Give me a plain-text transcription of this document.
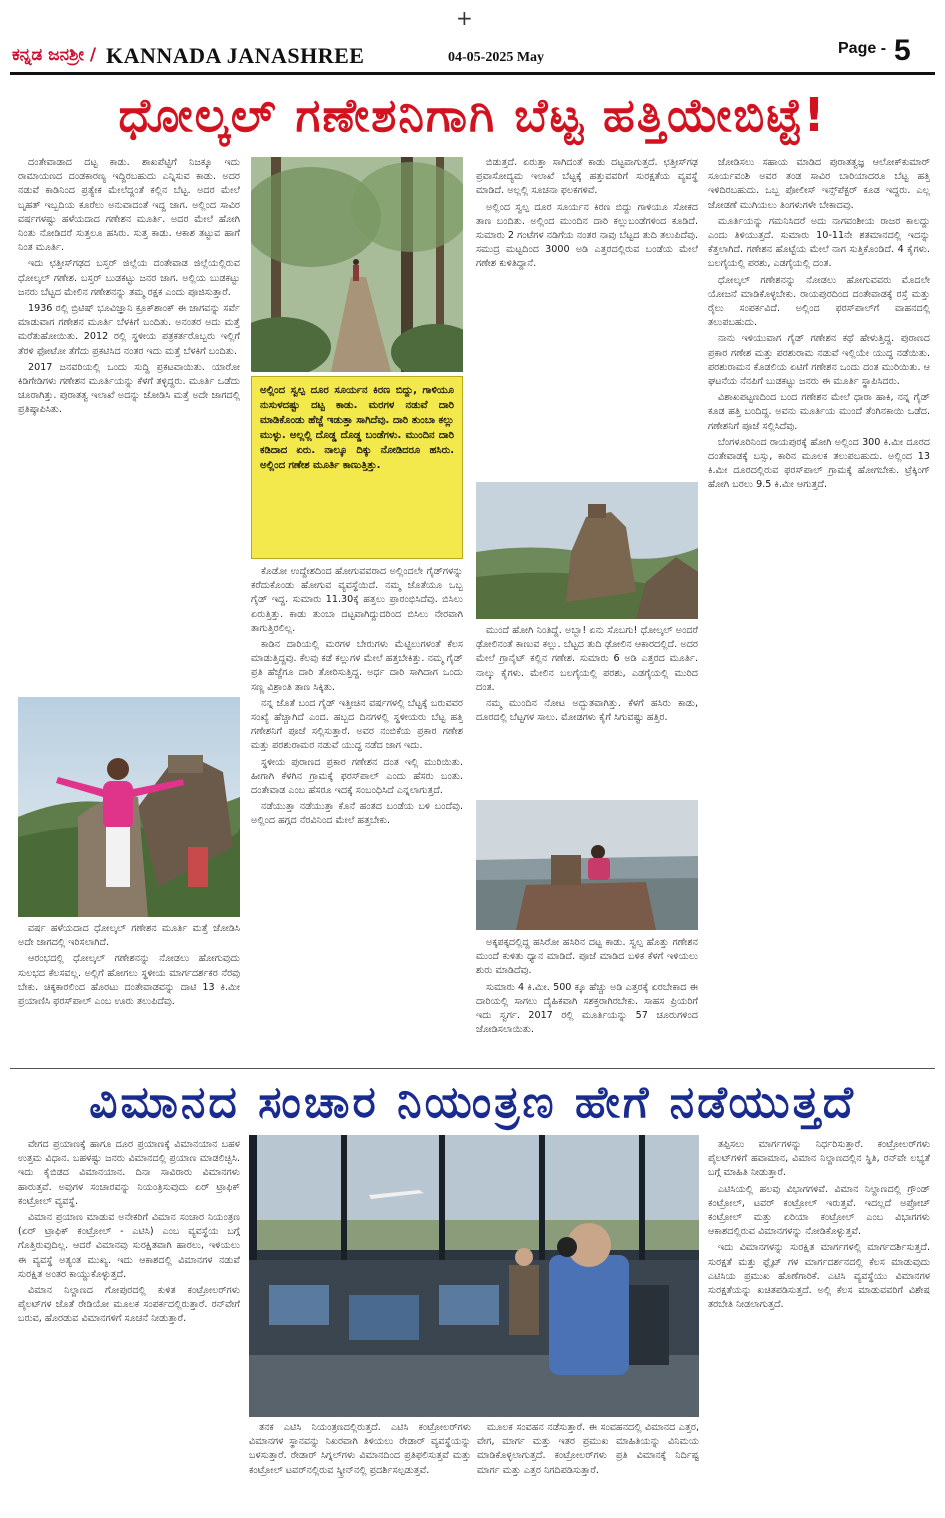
+
ಕನ್ನಡ ಜನಶ್ರೀ / KANNADA JANASHREE	04-05-2025 May
Page - 5
ಧೋಲ್ಕಲ್ ಗಣೇಶನಿಗಾಗಿ ಬೆಟ್ಟ ಹತ್ತಿಯೇಬಿಟ್ಟೆ!

ದಂತೇವಾಡಾದ ದಟ್ಟ ಕಾಡು. ಶಾಖಪೆಟ್ಟಿಗೆ ನಿಜಕ್ಕೂ ಇದು ರಾಮಾಯಣದ ದಂಡಕಾರಣ್ಯ ಇದ್ದಿರಬಹುದು ಎನ್ನಿಸುವ ಕಾಡು. ಅದರ ನಡುವೆ ಕಾಡಿನಿಂದ ಪ್ರತ್ಯೇಕ ಮೇಲೆದ್ದಂತೆ ಕಲ್ಲಿನ ಬೆಟ್ಟ. ಅದರ ಮೇಲೆ ಬೃಹತ್ ಇಬ್ಬದಿಯ ಕೂರೆಲು ಅನುವಾದಂತೆ ಇದ್ದ ಜಾಗ. ಅಲ್ಲಿಂದ ಸಾವಿರ ವರ್ಷಗಳಷ್ಟು ಹಳೆಯದಾದ ಗಣೇಶನ ಮೂರ್ತಿ. ಅದರ ಮೇಲೆ ಹೋಗಿ ನಿಂತು ನೋಡಿದರೆ ಸುತ್ತಲೂ ಹಸಿರು. ಸುತ್ತ ಕಾಡು. ಆಕಾಶ ತಟ್ಟುವ ಹಾಗೆ ನಿಂತ ಮೂರ್ತಿ.

ಇದು ಛತ್ತೀಸ್‌ಗಢದ ಬಸ್ತರ್ ಜಿಲ್ಲೆಯ ದಂತೇವಾಡ ಜಿಲ್ಲೆಯಲ್ಲಿರುವ ಧೋಲ್ಕಲ್ ಗಣೇಶ. ಬಸ್ತರ್ ಬುಡಕಟ್ಟು ಜನರ ಜಾಗ. ಅಲ್ಲಿಯ ಬುಡಕಟ್ಟು ಜನರು ಬೆಟ್ಟದ ಮೇಲಿನ ಗಣೇಶನನ್ನು ತಮ್ಮ ರಕ್ಷಕ ಎಂದು ಪೂಜಿಸುತ್ತಾರೆ.

1936 ರಲ್ಲಿ ಬ್ರಿಟಿಷ್ ಭೂವಿಜ್ಞಾನಿ ಕ್ರೂಕ್‌ಶಾಂಕ್ ಈ ಜಾಗವನ್ನು ಸರ್ವೆ ಮಾಡುವಾಗ ಗಣೇಶನ ಮೂರ್ತಿ ಬೆಳಕಿಗೆ ಬಂದಿತು. ಅನಂತರ ಅದು ಮತ್ತೆ ಮರೆತುಹೋಯಿತು. 2012 ರಲ್ಲಿ ಸ್ಥಳೀಯ ಪತ್ರಕರ್ತರೊಬ್ಬರು ಇಲ್ಲಿಗೆ ತೆರಳಿ ಫೋಟೋ ತೆಗೆದು ಪ್ರಕಟಿಸಿದ ನಂತರ ಇದು ಮತ್ತೆ ಬೆಳಕಿಗೆ ಬಂದಿತು.

2017 ಜನವರಿಯಲ್ಲಿ ಒಂದು ಸುದ್ದಿ ಪ್ರಕಟವಾಯಿತು. ಯಾರೋ ಕಿಡಿಗೇಡಿಗಳು ಗಣೇಶನ ಮೂರ್ತಿಯನ್ನು ಕೆಳಗೆ ತಳ್ಳಿದ್ದರು. ಮೂರ್ತಿ ಒಡೆದು ಚೂರಾಗಿತ್ತು. ಪುರಾತತ್ವ ಇಲಾಖೆ ಅದನ್ನು ಜೋಡಿಸಿ ಮತ್ತೆ ಅದೇ ಜಾಗದಲ್ಲಿ ಪ್ರತಿಷ್ಠಾಪಿಸಿತು.

ವರ್ಷ ಹಳೆಯದಾದ ಧೋಲ್ಕಲ್ ಗಣೇಶನ ಮೂರ್ತಿ ಮತ್ತೆ ಜೋಡಿಸಿ ಅದೇ ಜಾಗದಲ್ಲಿ ಇರಿಸಲಾಗಿದೆ.

ಆರಂಭದಲ್ಲಿ ಧೋಲ್ಕಲ್ ಗಣೇಶನನ್ನು ನೋಡಲು ಹೋಗುವುದು ಸುಲಭದ ಕೆಲಸವಲ್ಲ. ಅಲ್ಲಿಗೆ ಹೋಗಲು ಸ್ಥಳೀಯ ಮಾರ್ಗದರ್ಶಕರ ನೆರವು ಬೇಕು. ಚಿಕ್ಕಕಾರಲಿಂದ ಹೊರಟು ದಂತೇವಾಡವನ್ನು ದಾಟಿ 13 ಕಿ.ಮೀ ಪ್ರಯಾಣಿಸಿ ಫರಸ್‌ಪಾಲ್ ಎಂಬ ಊರು ತಲುಪಿದೆವು.

ಅಲ್ಲಿಂದ ಸ್ವಲ್ಪ ದೂರ ಸೂರ್ಯನ ಕಿರಣ ಬಿದ್ದು, ಗಾಳಿಯೂ ನುಸುಳದಷ್ಟು ದಟ್ಟ ಕಾಡು. ಮರಗಳ ನಡುವೆ ದಾರಿ ಮಾಡಿಕೊಂಡು ಹೆಜ್ಜೆ ಇಡುತ್ತಾ ಸಾಗಿದೆವು. ದಾರಿ ತುಂಬಾ ಕಲ್ಲು ಮುಳ್ಳು. ಅಲ್ಲಲ್ಲಿ ದೊಡ್ಡ ದೊಡ್ಡ ಬಂಡೆಗಳು. ಮುಂದಿನ ದಾರಿ ಕಡಿದಾದ ಏರು. ನಾಲ್ಕೂ ದಿಕ್ಕು ನೋಡಿದರೂ ಹಸಿರು. ಅಲ್ಲಿಂದ ಗಣೇಶ ಮೂರ್ತಿ ಕಾಣುತ್ತಿತ್ತು.

ಕೊಡೋ ಉದ್ದೇಶದಿಂದ ಹೋಗುವವರಾದ ಅಲ್ಲಿಂದಲೇ ಗೈಡ್‌ಗಳನ್ನು ಕರೆದುಕೊಂಡು ಹೋಗುವ ವ್ಯವಸ್ಥೆಯಿದೆ. ನಮ್ಮ ಜೊತೆಯೂ ಒಬ್ಬ ಗೈಡ್ ಇದ್ದ. ಸುಮಾರು 11.30ಕ್ಕೆ ಹತ್ತಲು ಪ್ರಾರಂಭಿಸಿದೆವು. ಬಿಸಿಲು ಏರುತ್ತಿತ್ತು. ಕಾಡು ತುಂಬಾ ದಟ್ಟವಾಗಿದ್ದುದರಿಂದ ಬಿಸಿಲು ನೇರವಾಗಿ ತಾಗುತ್ತಿರಲಿಲ್ಲ.

ಕಾಡಿನ ದಾರಿಯಲ್ಲಿ ಮರಗಳ ಬೇರುಗಳು ಮೆಟ್ಟಿಲುಗಳಂತೆ ಕೆಲಸ ಮಾಡುತ್ತಿದ್ದವು. ಕೆಲವು ಕಡೆ ಕಲ್ಲುಗಳ ಮೇಲೆ ಹತ್ತಬೇಕಿತ್ತು. ನಮ್ಮ ಗೈಡ್ ಪ್ರತಿ ಹೆಜ್ಜೆಗೂ ದಾರಿ ತೋರಿಸುತ್ತಿದ್ದ. ಅರ್ಧ ದಾರಿ ಸಾಗಿದಾಗ ಒಂದು ಸಣ್ಣ ವಿಶ್ರಾಂತಿ ತಾಣ ಸಿಕ್ಕಿತು.

ನನ್ನ ಜೊತೆ ಬಂದ ಗೈಡ್ ಇತ್ತೀಚಿನ ವರ್ಷಗಳಲ್ಲಿ ಬೆಟ್ಟಕ್ಕೆ ಬರುವವರ ಸಂಖ್ಯೆ ಹೆಚ್ಚಾಗಿದೆ ಎಂದ. ಹಬ್ಬದ ದಿನಗಳಲ್ಲಿ ಸ್ಥಳೀಯರು ಬೆಟ್ಟ ಹತ್ತಿ ಗಣೇಶನಿಗೆ ಪೂಜೆ ಸಲ್ಲಿಸುತ್ತಾರೆ. ಅವರ ನಂಬಿಕೆಯ ಪ್ರಕಾರ ಗಣೇಶ ಮತ್ತು ಪರಶುರಾಮರ ನಡುವೆ ಯುದ್ಧ ನಡೆದ ಜಾಗ ಇದು.

ಸ್ಥಳೀಯ ಪುರಾಣದ ಪ್ರಕಾರ ಗಣೇಶನ ದಂತ ಇಲ್ಲಿ ಮುರಿಯಿತು. ಹೀಗಾಗಿ ಕೆಳಗಿನ ಗ್ರಾಮಕ್ಕೆ ಫರಸ್‌ಪಾಲ್ ಎಂದು ಹೆಸರು ಬಂತು. ದಂತೇವಾಡ ಎಂಬ ಹೆಸರೂ ಇದಕ್ಕೆ ಸಂಬಂಧಿಸಿದೆ ಎನ್ನಲಾಗುತ್ತದೆ.

ನಡೆಯುತ್ತಾ ನಡೆಯುತ್ತಾ ಕೊನೆ ಹಂತದ ಬಂಡೆಯ ಬಳಿ ಬಂದೆವು. ಅಲ್ಲಿಂದ ಹಗ್ಗದ ನೆರವಿನಿಂದ ಮೇಲೆ ಹತ್ತಬೇಕು.

ಬಿಡುತ್ತದೆ. ಏರುತ್ತಾ ಸಾಗಿದಂತೆ ಕಾಡು ದಟ್ಟವಾಗುತ್ತದೆ. ಛತ್ತೀಸ್‌ಗಢ ಪ್ರವಾಸೋದ್ಯಮ ಇಲಾಖೆ ಬೆಟ್ಟಕ್ಕೆ ಹತ್ತುವವರಿಗೆ ಸುರಕ್ಷತೆಯ ವ್ಯವಸ್ಥೆ ಮಾಡಿದೆ. ಅಲ್ಲಲ್ಲಿ ಸೂಚನಾ ಫಲಕಗಳಿವೆ.

ಅಲ್ಲಿಂದ ಸ್ವಲ್ಪ ದೂರ ಸೂರ್ಯನ ಕಿರಣ ಬಿದ್ದು ಗಾಳಿಯೂ ಸೋಕದ ತಾಣ ಬಂದಿತು. ಅಲ್ಲಿಂದ ಮುಂದಿನ ದಾರಿ ಕಲ್ಲುಬಂಡೆಗಳಿಂದ ಕೂಡಿದೆ. ಸುಮಾರು 2 ಗಂಟೆಗಳ ನಡಿಗೆಯ ನಂತರ ನಾವು ಬೆಟ್ಟದ ತುದಿ ತಲುಪಿದೆವು. ಸಮುದ್ರ ಮಟ್ಟದಿಂದ 3000 ಅಡಿ ಎತ್ತರದಲ್ಲಿರುವ ಬಂಡೆಯ ಮೇಲೆ ಗಣೇಶ ಕುಳಿತಿದ್ದಾನೆ.

ಮುಂದೆ ಹೋಗಿ ನಿಂತಿದ್ದೆ. ಅಬ್ಬಾ! ಏನು ಸೊಬಗು! ಧೋಲ್ಕಲ್ ಅಂದರೆ ಢೋಲಿನಂತೆ ಕಾಣುವ ಕಲ್ಲು. ಬೆಟ್ಟದ ತುದಿ ಢೋಲಿನ ಆಕಾರದಲ್ಲಿದೆ. ಅದರ ಮೇಲೆ ಗ್ರಾನೈಟ್ ಕಲ್ಲಿನ ಗಣೇಶ. ಸುಮಾರು 6 ಅಡಿ ಎತ್ತರದ ಮೂರ್ತಿ. ನಾಲ್ಕು ಕೈಗಳು. ಮೇಲಿನ ಬಲಗೈಯಲ್ಲಿ ಪರಶು, ಎಡಗೈಯಲ್ಲಿ ಮುರಿದ ದಂತ.

ನಮ್ಮ ಮುಂದಿನ ನೋಟ ಅದ್ಭುತವಾಗಿತ್ತು. ಕೆಳಗೆ ಹಸಿರು ಕಾಡು, ದೂರದಲ್ಲಿ ಬೆಟ್ಟಗಳ ಸಾಲು. ಮೋಡಗಳು ಕೈಗೆ ಸಿಗುವಷ್ಟು ಹತ್ತಿರ.

ಅಕ್ಕಪಕ್ಕದಲ್ಲಿದ್ದ ಹಸಿರೋ ಹಸಿರಿನ ದಟ್ಟ ಕಾಡು. ಸ್ವಲ್ಪ ಹೊತ್ತು ಗಣೇಶನ ಮುಂದೆ ಕುಳಿತು ಧ್ಯಾನ ಮಾಡಿದೆ. ಪೂಜೆ ಮಾಡಿದ ಬಳಿಕ ಕೆಳಗೆ ಇಳಿಯಲು ಶುರು ಮಾಡಿದೆವು.

ಸುಮಾರು 4 ಕಿ.ಮೀ. 500 ಕ್ಕೂ ಹೆಚ್ಚು ಅಡಿ ಎತ್ತರಕ್ಕೆ ಏರಬೇಕಾದ ಈ ದಾರಿಯಲ್ಲಿ ಸಾಗಲು ದೈಹಿಕವಾಗಿ ಸಶಕ್ತರಾಗಿರಬೇಕು. ಸಾಹಸ ಪ್ರಿಯರಿಗೆ ಇದು ಸ್ವರ್ಗ. 2017 ರಲ್ಲಿ ಮೂರ್ತಿಯನ್ನು 57 ಚೂರುಗಳಿಂದ ಜೋಡಿಸಲಾಯಿತು.

ಜೋಡಿಸಲು ಸಹಾಯ ಮಾಡಿದ ಪುರಾತತ್ವಜ್ಞ ಆಲೋಕ್‌ಕುಮಾರ್ ಸೂರ್ಯವಂಶಿ ಅವರ ತಂಡ ಸಾವಿರ ಬಾರಿಯಾದರೂ ಬೆಟ್ಟ ಹತ್ತಿ ಇಳಿದಿರಬಹುದು. ಒಬ್ಬ ಪೋಲೀಸ್ ಇನ್ಸ್‌ಪೆಕ್ಟರ್ ಕೂಡ ಇದ್ದರು. ಎಲ್ಲ ಜೋಡಣೆ ಮುಗಿಯಲು ತಿಂಗಳುಗಳೇ ಬೇಕಾದವು.

ಮೂರ್ತಿಯನ್ನು ಗಮನಿಸಿದರೆ ಅದು ನಾಗವಂಶೀಯ ರಾಜರ ಕಾಲದ್ದು ಎಂದು ತಿಳಿಯುತ್ತದೆ. ಸುಮಾರು 10-11ನೇ ಶತಮಾನದಲ್ಲಿ ಇದನ್ನು ಕೆತ್ತಲಾಗಿದೆ. ಗಣೇಶನ ಹೊಟ್ಟೆಯ ಮೇಲೆ ನಾಗ ಸುತ್ತಿಕೊಂಡಿದೆ. 4 ಕೈಗಳು. ಬಲಗೈಯಲ್ಲಿ ಪರಶು, ಎಡಗೈಯಲ್ಲಿ ದಂತ.

ಧೋಲ್ಕಲ್ ಗಣೇಶನನ್ನು ನೋಡಲು ಹೋಗುವವರು ಮೊದಲೇ ಯೋಜನೆ ಮಾಡಿಕೊಳ್ಳಬೇಕು. ರಾಯಪುರದಿಂದ ದಂತೇವಾಡಕ್ಕೆ ರಸ್ತೆ ಮತ್ತು ರೈಲು ಸಂಪರ್ಕವಿದೆ. ಅಲ್ಲಿಂದ ಫರಸ್‌ಪಾಲ್‌ಗೆ ವಾಹನದಲ್ಲಿ ತಲುಪಬಹುದು.

ನಾನು ಇಳಿಯುವಾಗ ಗೈಡ್ ಗಣೇಶನ ಕಥೆ ಹೇಳುತ್ತಿದ್ದ. ಪುರಾಣದ ಪ್ರಕಾರ ಗಣೇಶ ಮತ್ತು ಪರಶುರಾಮ ನಡುವೆ ಇಲ್ಲಿಯೇ ಯುದ್ಧ ನಡೆಯಿತು. ಪರಶುರಾಮನ ಕೊಡಲಿಯ ಏಟಿಗೆ ಗಣೇಶನ ಒಂದು ದಂತ ಮುರಿಯಿತು. ಆ ಘಟನೆಯ ನೆನಪಿಗೆ ಬುಡಕಟ್ಟು ಜನರು ಈ ಮೂರ್ತಿ ಸ್ಥಾಪಿಸಿದರು.

ವಿಶಾಖಪಟ್ಟಣದಿಂದ ಬಂದ ಗಣೇಶನ ಮೇಲೆ ಧಾರಾ ಹಾಕಿ, ನನ್ನ ಗೈಡ್ ಕೂಡ ಹತ್ತಿ ಬಂದಿದ್ದ. ಅವನು ಮೂರ್ತಿಯ ಮುಂದೆ ತೆಂಗಿನಕಾಯಿ ಒಡೆದ. ಗಣೇಶನಿಗೆ ಪೂಜೆ ಸಲ್ಲಿಸಿದೆವು.

ಬೆಂಗಳೂರಿನಿಂದ ರಾಯಪುರಕ್ಕೆ ಹೋಗಿ ಅಲ್ಲಿಂದ 300 ಕಿ.ಮೀ ದೂರದ ದಂತೇವಾಡಕ್ಕೆ ಬಸ್ಸು, ಕಾರಿನ ಮೂಲಕ ತಲುಪಬಹುದು. ಅಲ್ಲಿಂದ 13 ಕಿ.ಮೀ ದೂರದಲ್ಲಿರುವ ಫರಸ್‌ಪಾಲ್ ಗ್ರಾಮಕ್ಕೆ ಹೋಗಬೇಕು. ಟ್ರೆಕ್ಕಿಂಗ್ ಹೋಗಿ ಬರಲು 9.5 ಕಿ.ಮೀ ಆಗುತ್ತದೆ.

ವಿಮಾನದ ಸಂಚಾರ ನಿಯಂತ್ರಣ ಹೇಗೆ ನಡೆಯುತ್ತದೆ

ವೇಗದ ಪ್ರಯಾಣಕ್ಕೆ ಹಾಗೂ ದೂರ ಪ್ರಯಾಣಕ್ಕೆ ವಿಮಾನಯಾನ ಬಹಳ ಉತ್ತಮ ವಿಧಾನ. ಬಹಳಷ್ಟು ಜನರು ವಿಮಾನದಲ್ಲಿ ಪ್ರಯಾಣ ಮಾಡಲಿಚ್ಛಿಸಿ. ಇದು ಕೈಬಿಡದ ವಿಮಾನಯಾನ. ದಿನಾ ಸಾವಿರಾರು ವಿಮಾನಗಳು ಹಾರುತ್ತವೆ. ಅವುಗಳ ಸಂಚಾರವನ್ನು ನಿಯಂತ್ರಿಸುವುದು ಏರ್ ಟ್ರಾಫಿಕ್ ಕಂಟ್ರೋಲ್ ವ್ಯವಸ್ಥೆ.

ವಿಮಾನ ಪ್ರಯಾಣ ಮಾಡುವ ಅನೇಕರಿಗೆ ವಿಮಾನ ಸಂಚಾರ ನಿಯಂತ್ರಣ (ಏರ್ ಟ್ರಾಫಿಕ್ ಕಂಟ್ರೋಲ್ - ಎಟಿಸಿ) ಎಂಬ ವ್ಯವಸ್ಥೆಯ ಬಗ್ಗೆ ಗೊತ್ತಿರುವುದಿಲ್ಲ. ಆದರೆ ವಿಮಾನವು ಸುರಕ್ಷಿತವಾಗಿ ಹಾರಲು, ಇಳಿಯಲು ಈ ವ್ಯವಸ್ಥೆ ಅತ್ಯಂತ ಮುಖ್ಯ. ಇದು ಆಕಾಶದಲ್ಲಿ ವಿಮಾನಗಳ ನಡುವೆ ಸುರಕ್ಷಿತ ಅಂತರ ಕಾಯ್ದುಕೊಳ್ಳುತ್ತದೆ.

ವಿಮಾನ ನಿಲ್ದಾಣದ ಗೋಪುರದಲ್ಲಿ ಕುಳಿತ ಕಂಟ್ರೋಲರ್‌ಗಳು ಪೈಲಟ್‌ಗಳ ಜೊತೆ ರೇಡಿಯೋ ಮೂಲಕ ಸಂಪರ್ಕದಲ್ಲಿರುತ್ತಾರೆ. ರನ್‌ವೇಗೆ ಬರುವ, ಹೊರಡುವ ವಿಮಾನಗಳಿಗೆ ಸೂಚನೆ ನೀಡುತ್ತಾರೆ.

ತನಕ ಎಟಿಸಿ ನಿಯಂತ್ರಣದಲ್ಲಿರುತ್ತದೆ. ಎಟಿಸಿ ಕಂಟ್ರೋಲರ್‌ಗಳು ವಿಮಾನಗಳ ಸ್ಥಾನವನ್ನು ನಿಖರವಾಗಿ ತಿಳಿಯಲು ರೇಡಾರ್ ವ್ಯವಸ್ಥೆಯನ್ನು ಬಳಸುತ್ತಾರೆ. ರೇಡಾರ್ ಸಿಗ್ನಲ್‌ಗಳು ವಿಮಾನದಿಂದ ಪ್ರತಿಫಲಿಸುತ್ತವೆ ಮತ್ತು ಕಂಟ್ರೋಲ್ ಟವರ್‌ನಲ್ಲಿರುವ ಸ್ಕ್ರೀನ್‌ನಲ್ಲಿ ಪ್ರದರ್ಶಿಸಲ್ಪಡುತ್ತವೆ.

ಮೂಲಕ ಸಂವಹನ ನಡೆಸುತ್ತಾರೆ. ಈ ಸಂವಹನದಲ್ಲಿ ವಿಮಾನದ ಎತ್ತರ, ವೇಗ, ಮಾರ್ಗ ಮತ್ತು ಇತರ ಪ್ರಮುಖ ಮಾಹಿತಿಯನ್ನು ವಿನಿಮಯ ಮಾಡಿಕೊಳ್ಳಲಾಗುತ್ತದೆ. ಕಂಟ್ರೋಲರ್‌ಗಳು ಪ್ರತಿ ವಿಮಾನಕ್ಕೆ ನಿರ್ದಿಷ್ಟ ಮಾರ್ಗ ಮತ್ತು ಎತ್ತರ ನಿಗದಿಪಡಿಸುತ್ತಾರೆ.

ತಪ್ಪಿಸಲು ಮಾರ್ಗಗಳನ್ನು ನಿರ್ಧರಿಸುತ್ತಾರೆ. ಕಂಟ್ರೋಲರ್‌ಗಳು ಪೈಲಟ್‌ಗಳಿಗೆ ಹವಾಮಾನ, ವಿಮಾನ ನಿಲ್ದಾಣದಲ್ಲಿನ ಸ್ಥಿತಿ, ರನ್‌ವೇ ಲಭ್ಯತೆ ಬಗ್ಗೆ ಮಾಹಿತಿ ನೀಡುತ್ತಾರೆ.

ಎಟಿಸಿಯಲ್ಲಿ ಹಲವು ವಿಭಾಗಗಳಿವೆ. ವಿಮಾನ ನಿಲ್ದಾಣದಲ್ಲಿ ಗ್ರೌಂಡ್ ಕಂಟ್ರೋಲ್, ಟವರ್ ಕಂಟ್ರೋಲ್ ಇರುತ್ತವೆ. ಇದಲ್ಲದೆ ಅಪ್ರೋಚ್ ಕಂಟ್ರೋಲ್ ಮತ್ತು ಏರಿಯಾ ಕಂಟ್ರೋಲ್ ಎಂಬ ವಿಭಾಗಗಳು ಆಕಾಶದಲ್ಲಿರುವ ವಿಮಾನಗಳನ್ನು ನೋಡಿಕೊಳ್ಳುತ್ತವೆ.

ಇದು ವಿಮಾನಗಳನ್ನು ಸುರಕ್ಷಿತ ಮಾರ್ಗಗಳಲ್ಲಿ ಮಾರ್ಗದರ್ಶಿಸುತ್ತದೆ. ಸುರಕ್ಷತೆ ಮತ್ತು ಫ್ಲೈಟ್ ಗಳ ಮಾರ್ಗದರ್ಶನದಲ್ಲಿ ಕೆಲಸ ಮಾಡುವುದು ಎಟಿಸಿಯ ಪ್ರಮುಖ ಹೊಣೆಗಾರಿಕೆ. ಎಟಿಸಿ ವ್ಯವಸ್ಥೆಯು ವಿಮಾನಗಳ ಸುರಕ್ಷತೆಯನ್ನು ಖಚಿತಪಡಿಸುತ್ತದೆ. ಅಲ್ಲಿ ಕೆಲಸ ಮಾಡುವವರಿಗೆ ವಿಶೇಷ ತರಬೇತಿ ನೀಡಲಾಗುತ್ತದೆ.
